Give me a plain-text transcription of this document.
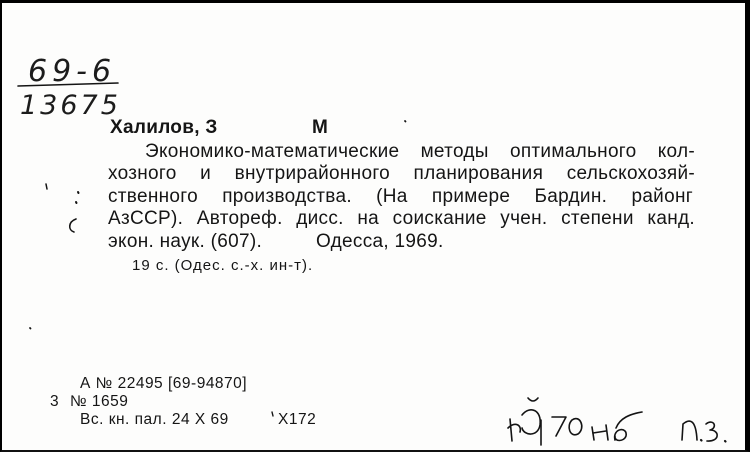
69-6
13675
Халилов, З	М
Экономико-математические методы оптимального кол-
хозного и внутрирайонного планирования сельскохозяй-
ственного производства. (На примере Бардин. районг
АзССР). Автореф. дисс. на соискание учен. степени канд.
экон. наук. (607).	Одесса, 1969.
19 с. (Одес. с.-х. ин-т).
А № 22495 [69-94870]
3 № 1659
Вс. кн. пал. 24 X 69	X172
